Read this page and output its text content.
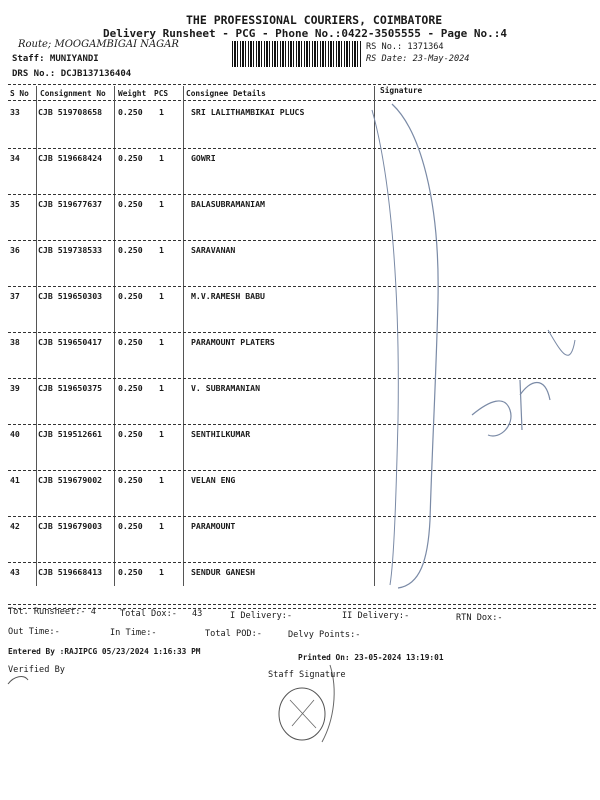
THE PROFESSIONAL COURIERS, COIMBATORE
Delivery Runsheet - PCG - Phone No.:0422-3505555 - Page No.:4
Route; MOOGAMBIGAI NAGAR
Staff: MUNIYANDI
DRS No.: DCJB137136404
RS No.: 1371364
RS Date: 23-May-2024
S No Consignment No Weight PCS Consignee Details	Signature
33 CJB 519708658 0.250 1	SRI LALITHAMBIKAI PLUCS
34 CJB 519668424 0.250 1	GOWRI
35 CJB 519677637 0.250 1	BALASUBRAMANIAM
36 CJB 519738533 0.250 1	SARAVANAN
37 CJB 519650303 0.250 1	M.V.RAMESH BABU
38 CJB 519650417 0.250 1	PARAMOUNT PLATERS
39 CJB 519650375 0.250 1	V. SUBRAMANIAN
40 CJB 519512661 0.250 1	SENTHILKUMAR
41 CJB 519679002 0.250 1	VELAN ENG
42 CJB 519679003 0.250 1	PARAMOUNT
43 CJB 519668413 0.250 1	SENDUR GANESH
Tot. Runsheet:- 4	Total Dox:- 43	I Delivery:-	II Delivery:-	RTN Dox:-
Out Time:-	In Time:-	Total POD:-	Delvy Points:-
Entered By :RAJIPCG 05/23/2024 1:16:33 PM
Printed On: 23-05-2024 13:19:01
Verified By	Staff Signature
